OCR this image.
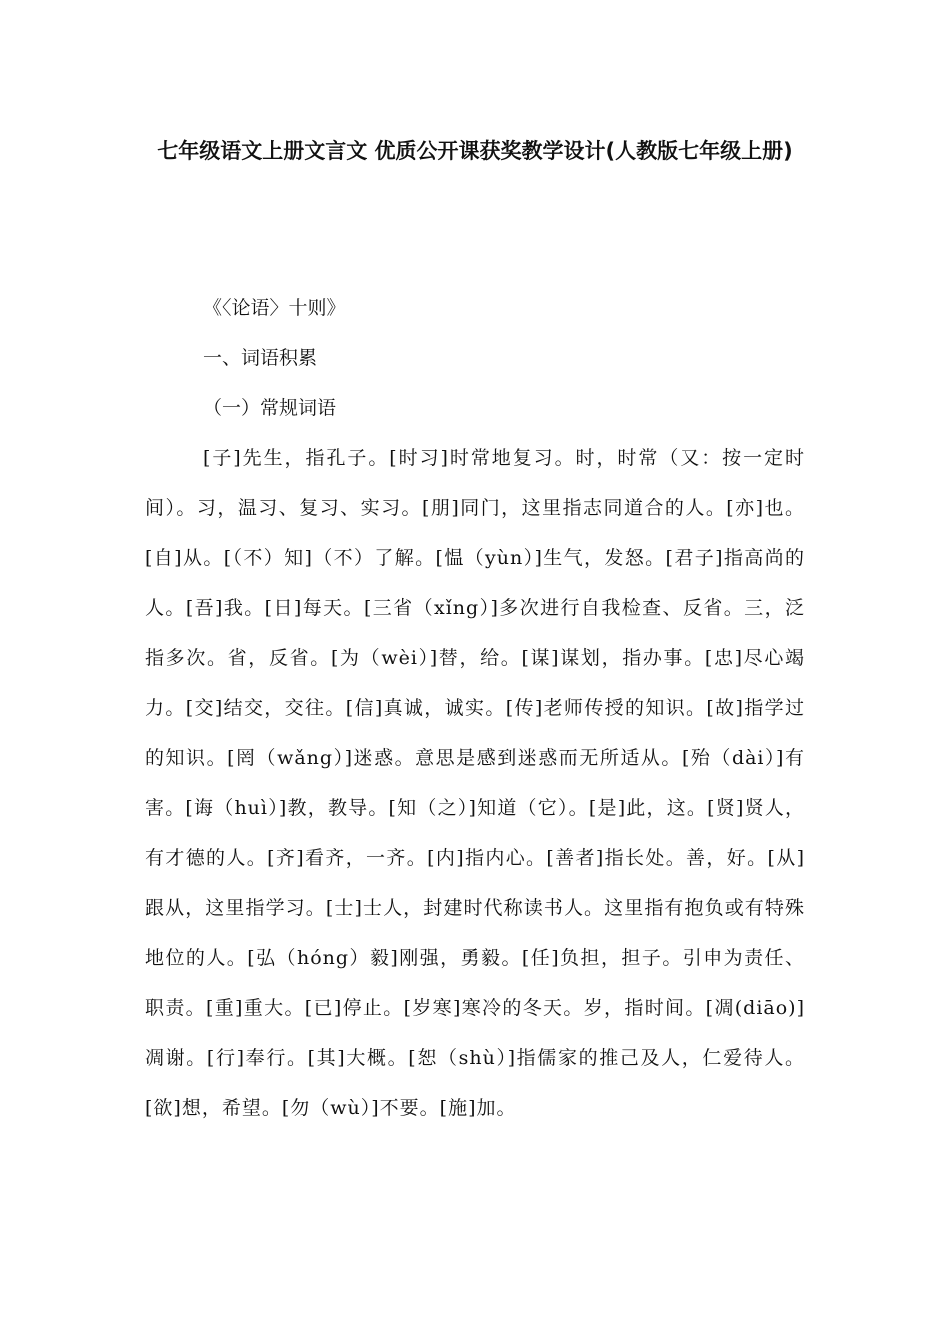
七年级语文上册文言文 优质公开课获奖教学设计(人教版七年级上册)

《〈论语〉十则》

一、词语积累

（一）常规词语

[子]先生，指孔子。[时习]时常地复习。时，时常（又：按一定时间）。习，温习、复习、实习。[朋]同门，这里指志同道合的人。[亦]也。[自]从。[（不）知]（不）了解。[愠（yùn）]生气，发怒。[君子]指高尚的人。[吾]我。[日]每天。[三省（xǐng）]多次进行自我检查、反省。三，泛指多次。省，反省。[为（wèi）]替，给。[谋]谋划，指办事。[忠]尽心竭力。[交]结交，交往。[信]真诚，诚实。[传]老师传授的知识。[故]指学过的知识。[罔（wǎng）]迷惑。意思是感到迷惑而无所适从。[殆（dài）]有害。[诲（huì）]教，教导。[知（之）]知道（它）。[是]此，这。[贤]贤人，有才德的人。[齐]看齐，一齐。[内]指内心。[善者]指长处。善，好。[从]跟从，这里指学习。[士]士人，封建时代称读书人。这里指有抱负或有特殊地位的人。[弘（hóng）毅]刚强，勇毅。[任]负担，担子。引申为责任、职责。[重]重大。[已]停止。[岁寒]寒冷的冬天。岁，指时间。[凋(diāo)]凋谢。[行]奉行。[其]大概。[恕（shù）]指儒家的推己及人，仁爱待人。[欲]想，希望。[勿（wù）]不要。[施]加。
